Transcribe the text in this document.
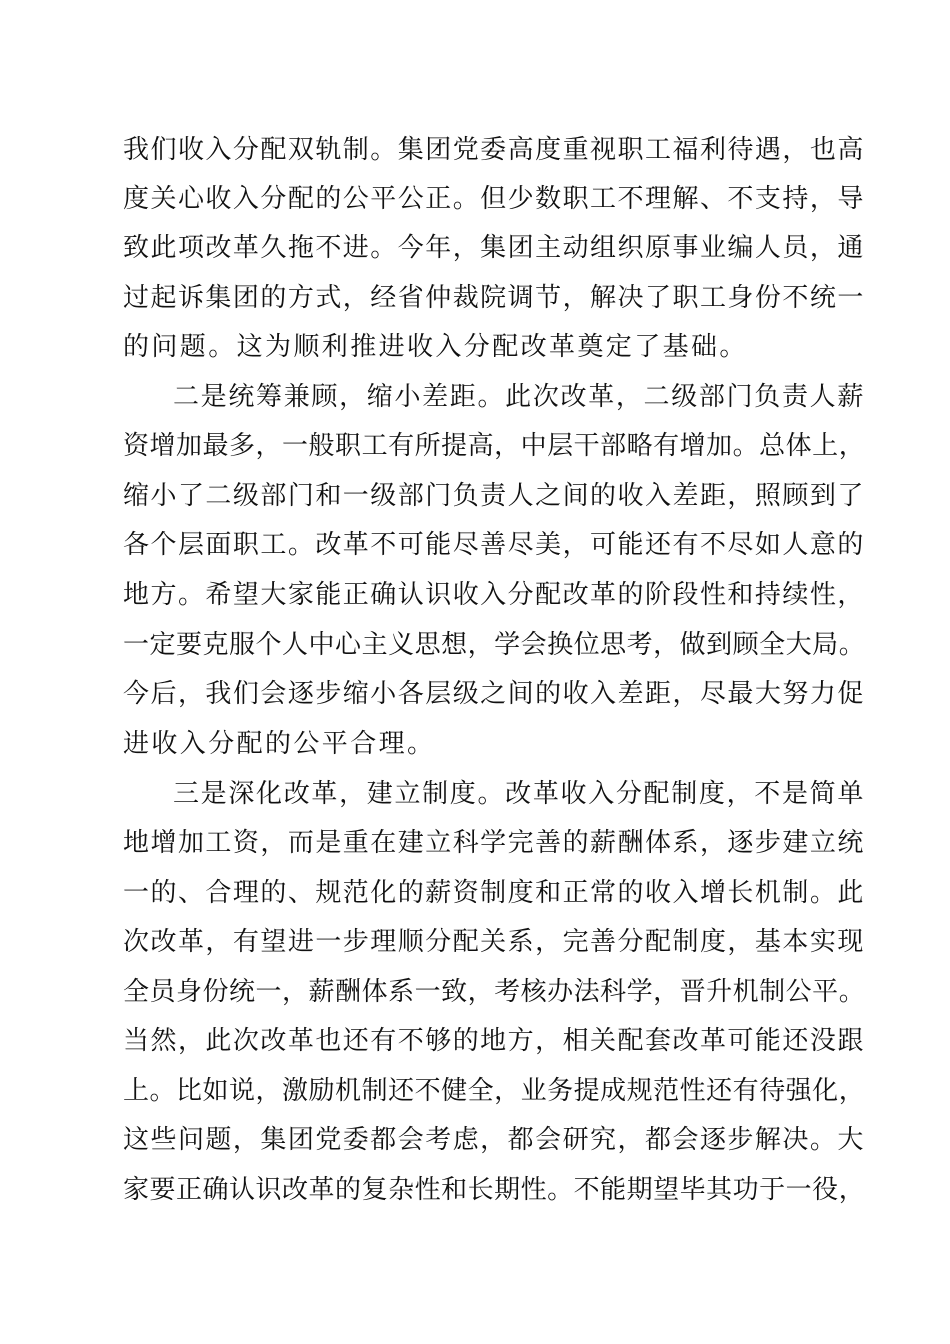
我们收入分配双轨制。集团党委高度重视职工福利待遇，也高
度关心收入分配的公平公正。但少数职工不理解、不支持，导
致此项改革久拖不进。今年，集团主动组织原事业编人员，通
过起诉集团的方式，经省仲裁院调节，解决了职工身份不统一
的问题。这为顺利推进收入分配改革奠定了基础。
二是统筹兼顾，缩小差距。此次改革，二级部门负责人薪
资增加最多，一般职工有所提高，中层干部略有增加。总体上，
缩小了二级部门和一级部门负责人之间的收入差距，照顾到了
各个层面职工。改革不可能尽善尽美，可能还有不尽如人意的
地方。希望大家能正确认识收入分配改革的阶段性和持续性，
一定要克服个人中心主义思想，学会换位思考，做到顾全大局。
今后，我们会逐步缩小各层级之间的收入差距，尽最大努力促
进收入分配的公平合理。
三是深化改革，建立制度。改革收入分配制度，不是简单
地增加工资，而是重在建立科学完善的薪酬体系，逐步建立统
一的、合理的、规范化的薪资制度和正常的收入增长机制。此
次改革，有望进一步理顺分配关系，完善分配制度，基本实现
全员身份统一，薪酬体系一致，考核办法科学，晋升机制公平。
当然，此次改革也还有不够的地方，相关配套改革可能还没跟
上。比如说，激励机制还不健全，业务提成规范性还有待强化，
这些问题，集团党委都会考虑，都会研究，都会逐步解决。大
家要正确认识改革的复杂性和长期性。不能期望毕其功于一役，
